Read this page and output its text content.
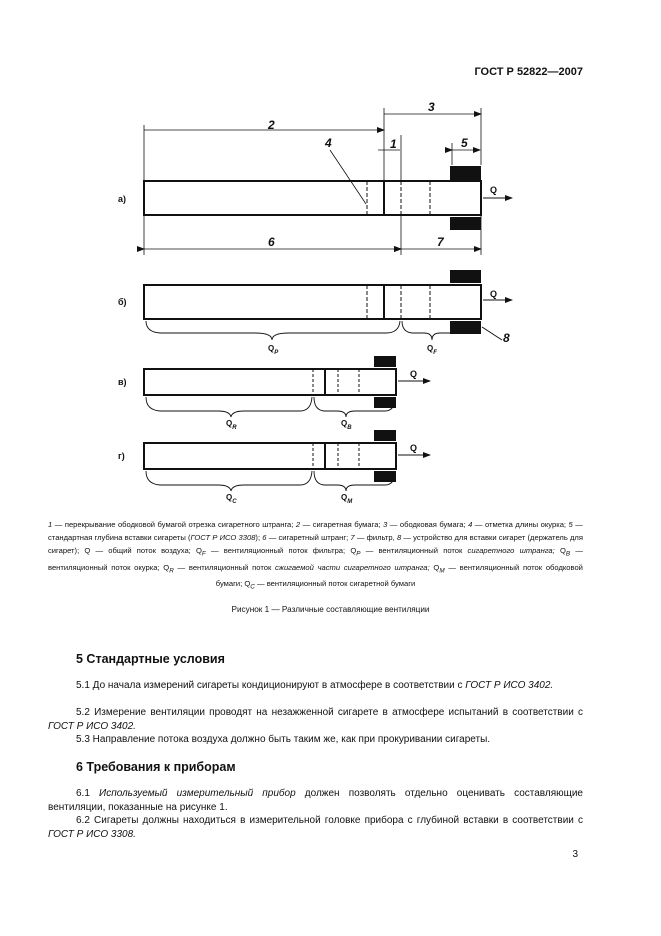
ГОСТ Р 52822—2007
2
3
4	1	5
6	7
8
а)
б)
в)
г)
Q
Q
Q
Q
$Q_P$	$Q_F$
$Q_R$	$Q_B$
$Q_C$	$Q_M$
1 — перекрывание ободковой бумагой отрезка сигаретного штранга; 2 — сигаретная бумага; 3 — ободковая бумага; 4 — отметка длины окурка; 5 — стандартная глубина вставки сигареты (ГОСТ Р ИСО 3308); 6 — сигаретный штранг; 7 — фильтр, 8 — устройство для вставки сигарет (держатель для сигарет); Q — общий поток воздуха; $Q_F$ — вентиляционный поток фильтра; $Q_P$ — вентиляционный поток сигаретного штранга; $Q_B$ — вентиляционный поток окурка; $Q_R$ — вентиляционный поток сжигаемой части сигаретного штранга; $Q_M$ — вентиляционный поток ободковой бумаги; $Q_C$ — вентиляционный поток сигаретной бумаги
Рисунок 1 — Различные составляющие вентиляции
5 Стандартные условия
5.1 До начала измерений сигареты кондиционируют в атмосфере в соответствии с ГОСТ Р ИСО 3402.
5.2 Измерение вентиляции проводят на незажженной сигарете в атмосфере испытаний в соответствии с ГОСТ Р ИСО 3402.
5.3 Направление потока воздуха должно быть таким же, как при прокуривании сигареты.
6 Требования к приборам
6.1 Используемый измерительный прибор должен позволять отдельно оценивать составляющие вентиляции, показанные на рисунке 1.
6.2 Сигареты должны находиться в измерительной головке прибора с глубиной вставки в соответствии с ГОСТ Р ИСО 3308.
3
